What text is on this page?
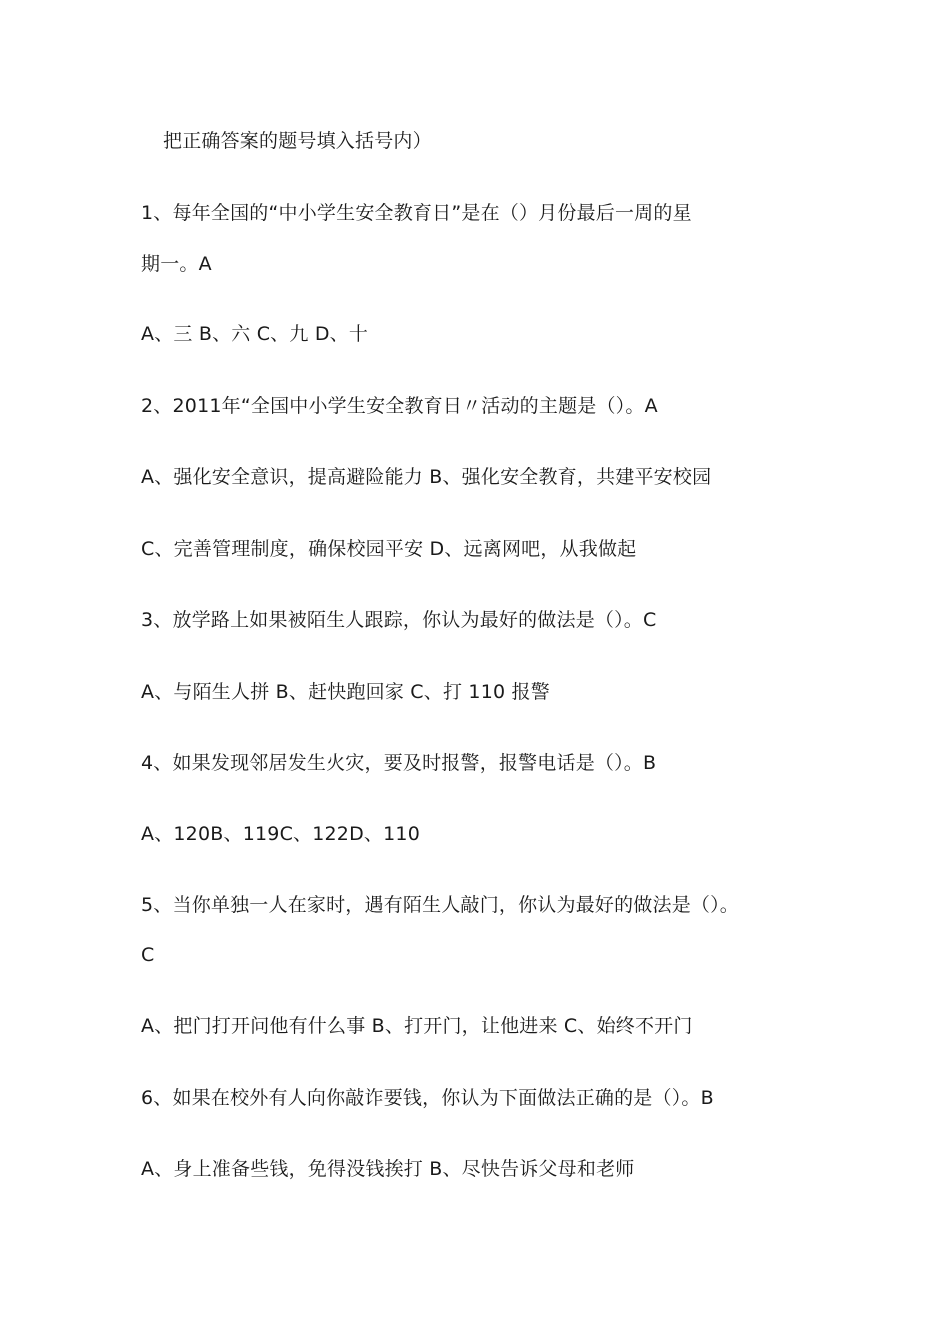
把正确答案的题号填入括号内）
1、每年全国的“中小学生安全教育日”是在（）月份最后一周的星
期一。A
A、三 B、六 C、九 D、十
2、2011年“全国中小学生安全教育日〃活动的主题是（）。A
A、强化安全意识，提高避险能力 B、强化安全教育，共建平安校园
C、完善管理制度，确保校园平安 D、远离网吧，从我做起
3、放学路上如果被陌生人跟踪，你认为最好的做法是（）。C
A、与陌生人拼 B、赶快跑回家 C、打 110 报警
4、如果发现邻居发生火灾，要及时报警，报警电话是（）。B
A、120B、119C、122D、110
5、当你单独一人在家时，遇有陌生人敲门，你认为最好的做法是（）。
C
A、把门打开问他有什么事 B、打开门，让他进来 C、始终不开门
6、如果在校外有人向你敲诈要钱，你认为下面做法正确的是（）。B
A、身上准备些钱，免得没钱挨打 B、尽快告诉父母和老师
